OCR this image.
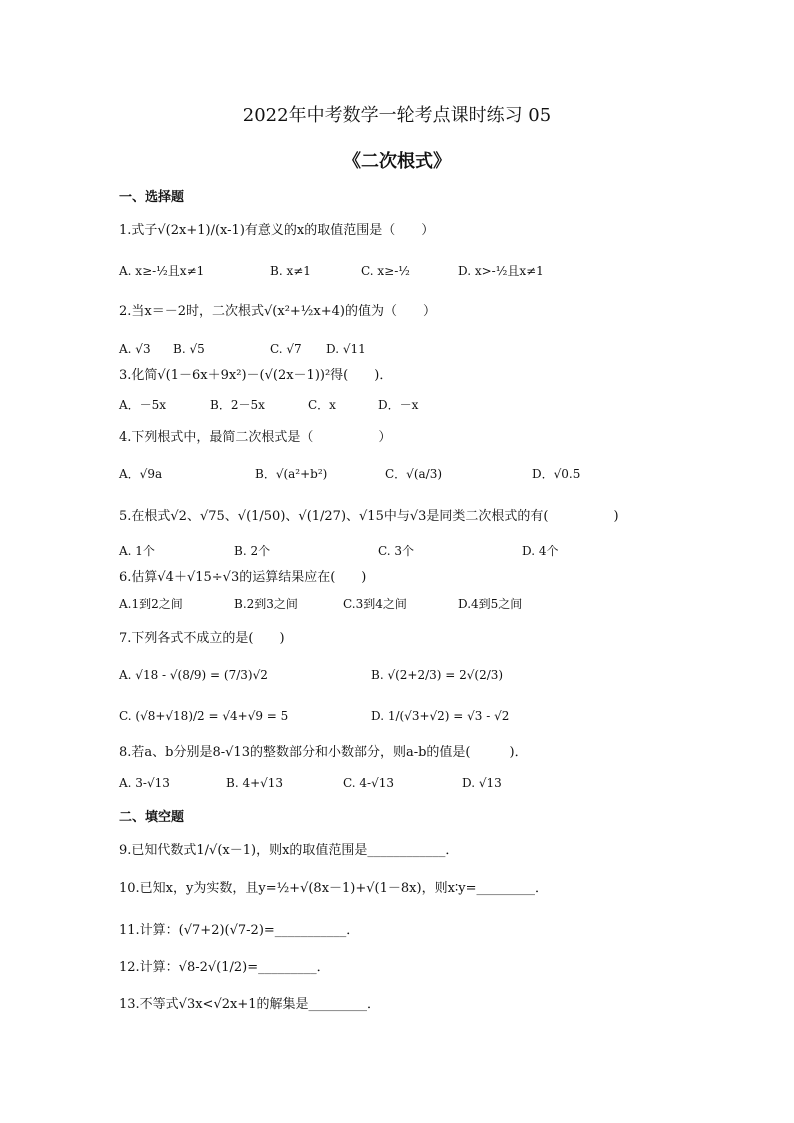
2022年中考数学一轮考点课时练习 05
《二次根式》
一、选择题
1.式子√(2x+1)/(x-1)有意义的x的取值范围是（　　）
A. x≥-½且x≠1	B. x≠1	C. x≥-½	D. x>-½且x≠1
2.当x＝－2时，二次根式√(x²+½x+4)的值为（　　）
A. √3 B. √5	C. √7 D. √11
3.化简√(1－6x＋9x²)－(√(2x－1))²得(　　)．
A．－5x	B．2－5x	C．x	D．－x
4.下列根式中，最简二次根式是（　　　　　）
A．√9a	B．√(a²+b²)	C．√(a/3)	D．√0.5
5.在根式√2、√75、√(1/50)、√(1/27)、√15中与√3是同类二次根式的有(　　　　　)
A. 1个	B. 2个	C. 3个	D. 4个
6.估算√4＋√15÷√3的运算结果应在(　　)
A.1到2之间	B.2到3之间	C.3到4之间	D.4到5之间
7.下列各式不成立的是(　　)
A. √18 - √(8/9) = (7/3)√2	B. √(2+2/3) = 2√(2/3)
C. (√8+√18)/2 = √4+√9 = 5	D. 1/(√3+√2) = √3 - √2
8.若a、b分别是8-√13的整数部分和小数部分，则a-b的值是(　　　)．
A. 3-√13	B. 4+√13	C. 4-√13	D. √13
二、填空题
9.已知代数式1/√(x－1)，则x的取值范围是____________．
10.已知x，y为实数，且y=½+√(8x－1)+√(1－8x)，则x∶y=_________．
11.计算：(√7+2)(√7-2)=___________．
12.计算：√8-2√(1/2)=_________．
13.不等式√3x<√2x+1的解集是_________．
